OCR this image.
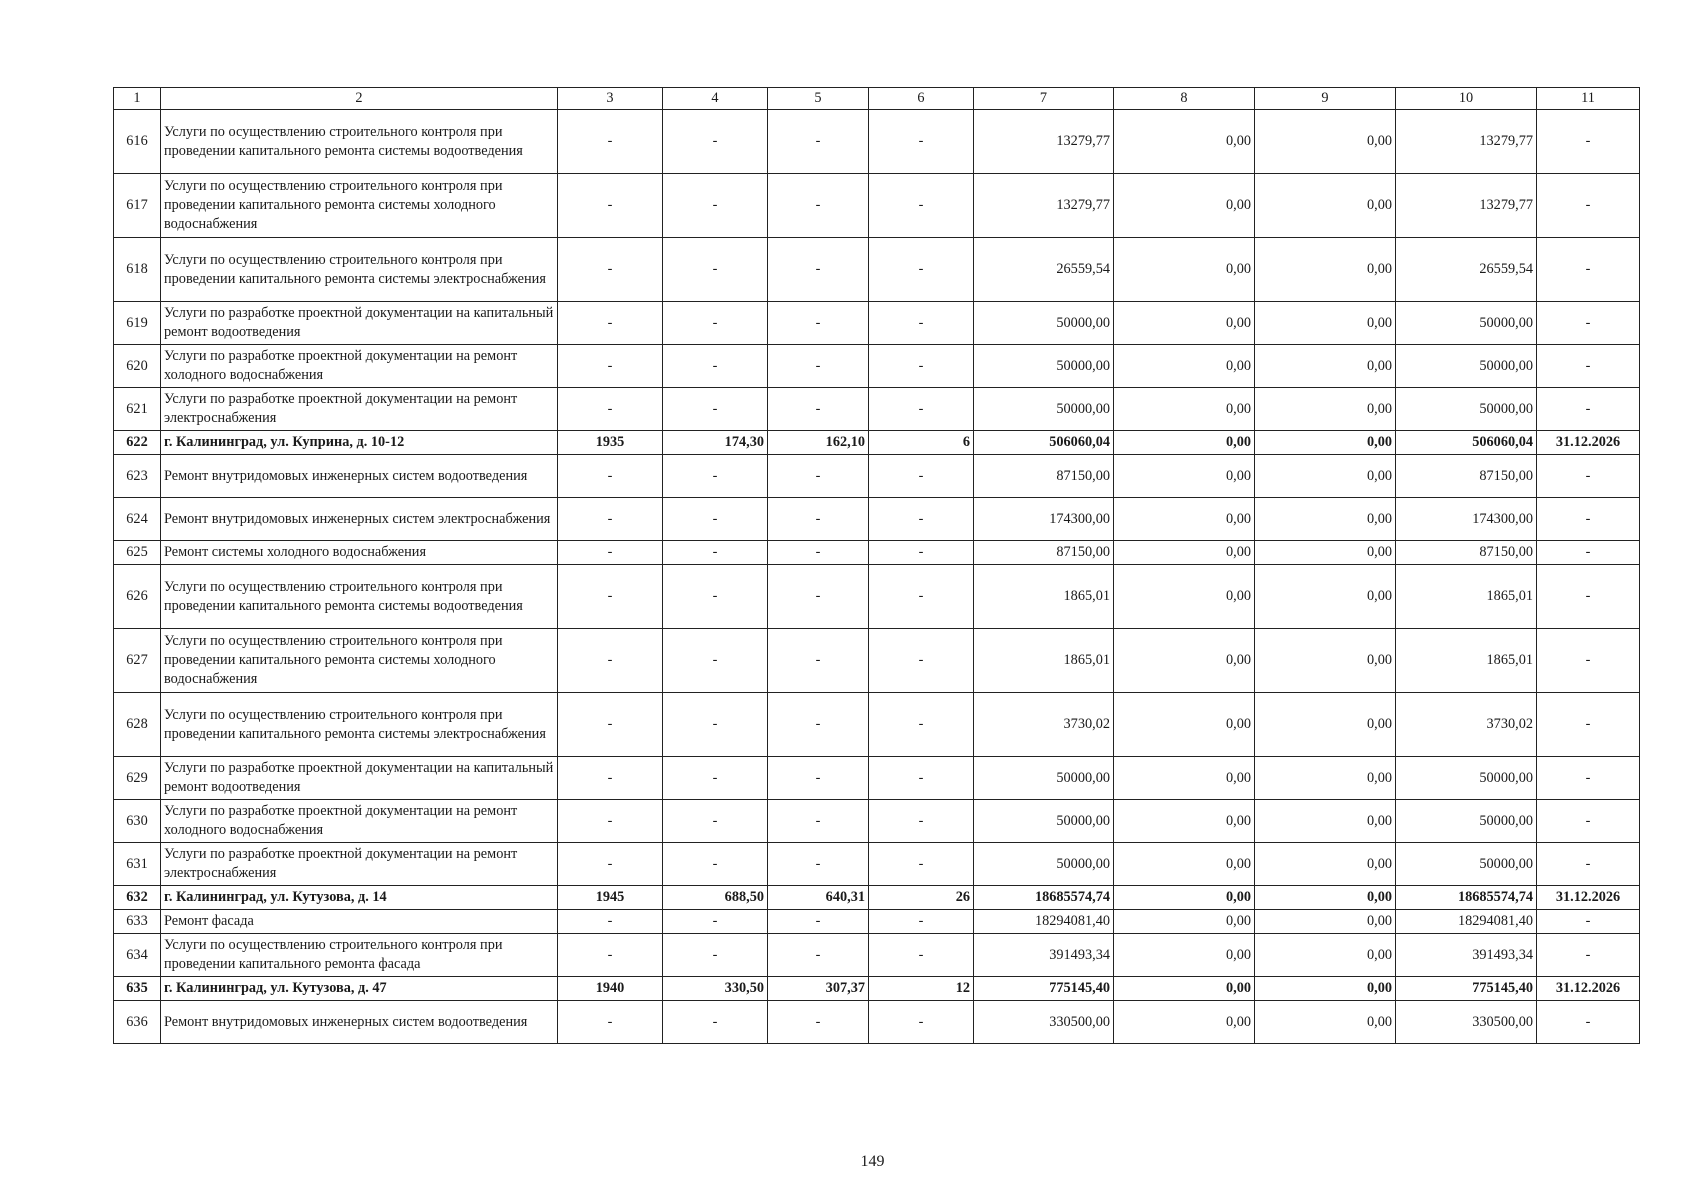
1	2	3	4	5	6	7	8	9	10	11
616	Услуги по осуществлению строительного контроля при проведении капитального ремонта системы водоотведения	-	-	-	-	13279,77	0,00	0,00	13279,77	-
617	Услуги по осуществлению строительного контроля при проведении капитального ремонта системы холодного водоснабжения	-	-	-	-	13279,77	0,00	0,00	13279,77	-
618	Услуги по осуществлению строительного контроля при проведении капитального ремонта системы электроснабжения	-	-	-	-	26559,54	0,00	0,00	26559,54	-
619	Услуги по разработке проектной документации на капитальный ремонт водоотведения	-	-	-	-	50000,00	0,00	0,00	50000,00	-
620	Услуги по разработке проектной документации на ремонт холодного водоснабжения	-	-	-	-	50000,00	0,00	0,00	50000,00	-
621	Услуги по разработке проектной документации на ремонт электроснабжения	-	-	-	-	50000,00	0,00	0,00	50000,00	-
622	г. Калининград, ул. Куприна, д. 10-12	1935	174,30	162,10	6	506060,04	0,00	0,00	506060,04	31.12.2026
623	Ремонт внутридомовых инженерных систем водоотведения	-	-	-	-	87150,00	0,00	0,00	87150,00	-
624	Ремонт внутридомовых инженерных систем электроснабжения	-	-	-	-	174300,00	0,00	0,00	174300,00	-
625	Ремонт системы холодного водоснабжения	-	-	-	-	87150,00	0,00	0,00	87150,00	-
626	Услуги по осуществлению строительного контроля при проведении капитального ремонта системы водоотведения	-	-	-	-	1865,01	0,00	0,00	1865,01	-
627	Услуги по осуществлению строительного контроля при проведении капитального ремонта системы холодного водоснабжения	-	-	-	-	1865,01	0,00	0,00	1865,01	-
628	Услуги по осуществлению строительного контроля при проведении капитального ремонта системы электроснабжения	-	-	-	-	3730,02	0,00	0,00	3730,02	-
629	Услуги по разработке проектной документации на капитальный ремонт водоотведения	-	-	-	-	50000,00	0,00	0,00	50000,00	-
630	Услуги по разработке проектной документации на ремонт холодного водоснабжения	-	-	-	-	50000,00	0,00	0,00	50000,00	-
631	Услуги по разработке проектной документации на ремонт электроснабжения	-	-	-	-	50000,00	0,00	0,00	50000,00	-
632	г. Калининград, ул. Кутузова, д. 14	1945	688,50	640,31	26	18685574,74	0,00	0,00	18685574,74	31.12.2026
633	Ремонт фасада	-	-	-	-	18294081,40	0,00	0,00	18294081,40	-
634	Услуги по осуществлению строительного контроля при проведении капитального ремонта фасада	-	-	-	-	391493,34	0,00	0,00	391493,34	-
635	г. Калининград, ул. Кутузова, д. 47	1940	330,50	307,37	12	775145,40	0,00	0,00	775145,40	31.12.2026
636	Ремонт внутридомовых инженерных систем водоотведения	-	-	-	-	330500,00	0,00	0,00	330500,00	-
149
